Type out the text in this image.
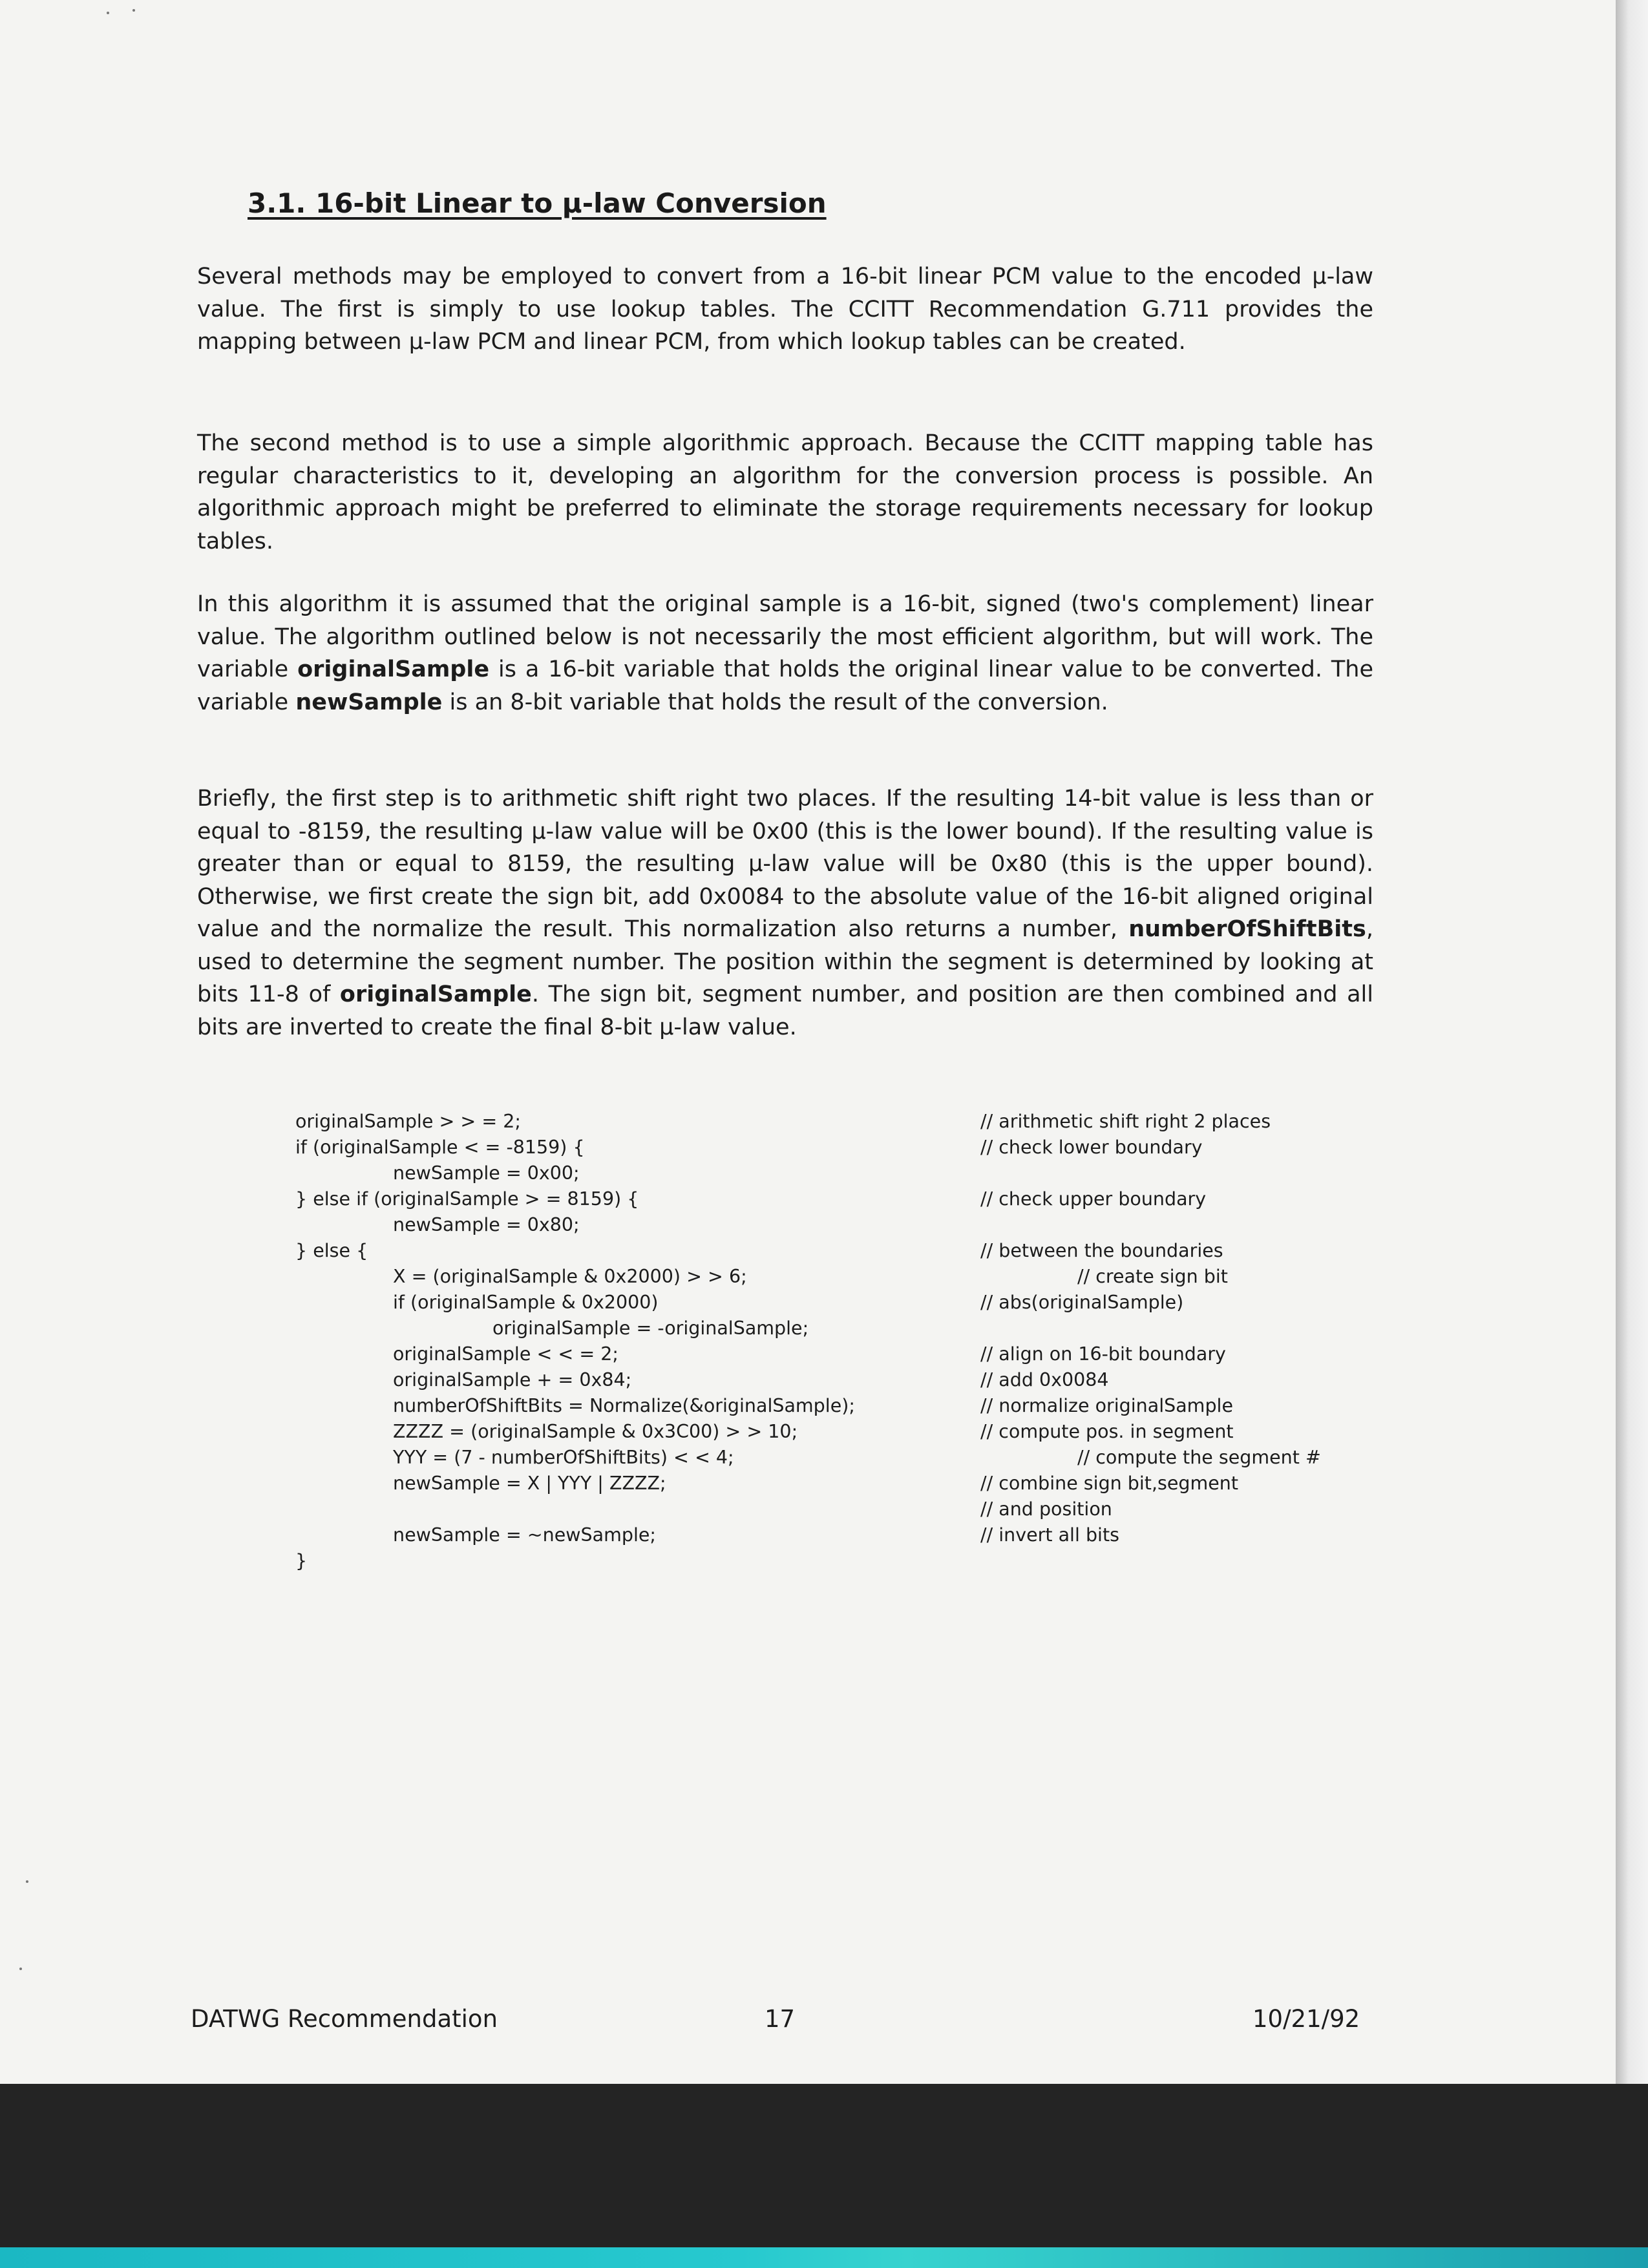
3.1. 16-bit Linear to μ-law Conversion

Several methods may be employed to convert from a 16-bit linear PCM value to the encoded μ-law value. The first is simply to use lookup tables. The CCITT Recommendation G.711 provides the mapping between μ-law PCM and linear PCM, from which lookup tables can be created.

The second method is to use a simple algorithmic approach. Because the CCITT mapping table has regular characteristics to it, developing an algorithm for the conversion process is possible. An algorithmic approach might be preferred to eliminate the storage requirements necessary for lookup tables.

In this algorithm it is assumed that the original sample is a 16-bit, signed (two's complement) linear value. The algorithm outlined below is not necessarily the most efficient algorithm, but will work. The variable originalSample is a 16-bit variable that holds the original linear value to be converted. The variable newSample is an 8-bit variable that holds the result of the conversion.

Briefly, the first step is to arithmetic shift right two places. If the resulting 14-bit value is less than or equal to -8159, the resulting μ-law value will be 0x00 (this is the lower bound). If the resulting value is greater than or equal to 8159, the resulting μ-law value will be 0x80 (this is the upper bound). Otherwise, we first create the sign bit, add 0x0084 to the absolute value of the 16-bit aligned original value and the normalize the result. This normalization also returns a number, numberOfShiftBits, used to determine the segment number. The position within the segment is determined by looking at bits 11-8 of originalSample. The sign bit, segment number, and position are then combined and all bits are inverted to create the final 8-bit μ-law value.

originalSample > > = 2;
if (originalSample < = -8159) {
newSample = 0x00;
} else if (originalSample > = 8159) {
newSample = 0x80;
} else {
X = (originalSample & 0x2000) > > 6;
if (originalSample & 0x2000)
originalSample = -originalSample;
originalSample < < = 2;
originalSample + = 0x84;
numberOfShiftBits = Normalize(&originalSample);
ZZZZ = (originalSample & 0x3C00) > > 10;
YYY = (7 - numberOfShiftBits) < < 4;
newSample = X | YYY | ZZZZ;
newSample = ~newSample;
}
// arithmetic shift right 2 places
// check lower boundary
// check upper boundary
// between the boundaries
// create sign bit
// abs(originalSample)
// align on 16-bit boundary
// add 0x0084
// normalize originalSample
// compute pos. in segment
// compute the segment #
// combine sign bit,segment
// and position
// invert all bits
DATWG Recommendation	17	10/21/92
